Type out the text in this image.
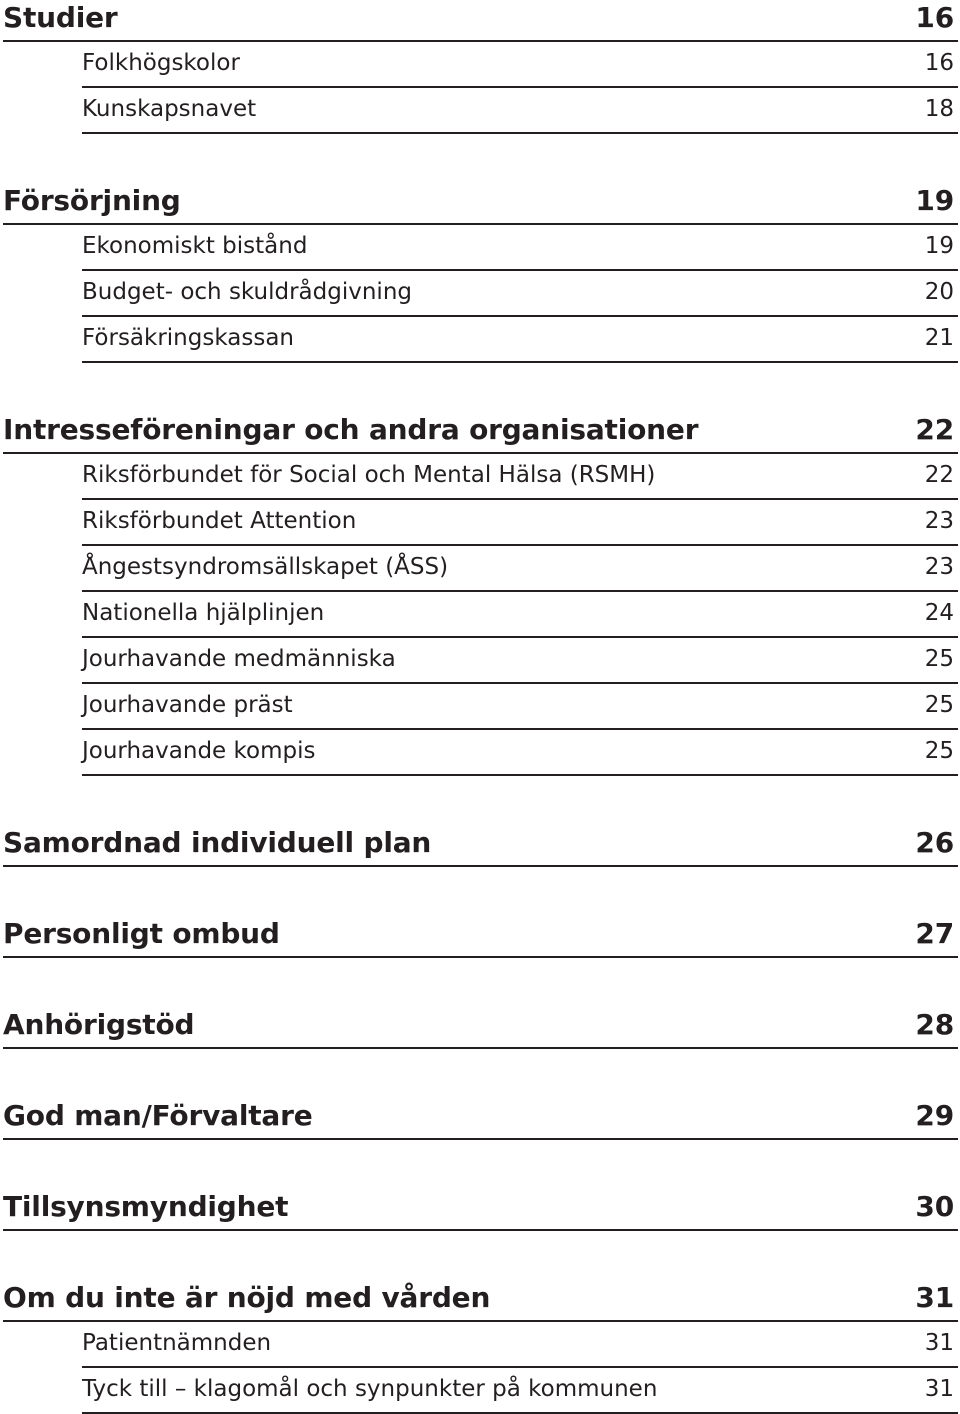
Studier	16
Folkhögskolor	16
Kunskapsnavet	18
Försörjning	19
Ekonomiskt bistånd	19
Budget- och skuldrådgivning	20
Försäkringskassan	21
Intresseföreningar och andra organisationer	22
Riksförbundet för Social och Mental Hälsa (RSMH)	22
Riksförbundet Attention	23
Ångestsyndromsällskapet (ÅSS)	23
Nationella hjälplinjen	24
Jourhavande medmänniska	25
Jourhavande präst	25
Jourhavande kompis	25
Samordnad individuell plan	26
Personligt ombud	27
Anhörigstöd	28
God man/Förvaltare	29
Tillsynsmyndighet	30
Om du inte är nöjd med vården	31
Patientnämnden	31
Tyck till – klagomål och synpunkter på kommunen	31
